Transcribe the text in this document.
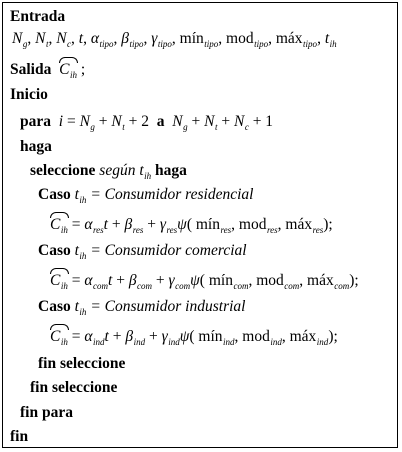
Entrada
$N_g$, $N_t$, $N_c$, t, $\alpha_{tipo}$, $\beta_{tipo}$, $\gamma_{tipo}$, mín$_{tipo}$, mod$_{tipo}$, máx$_{tipo}$, $t_{ih}$
Salida $C_{ih}$ ;
Inicio
para $i = N_g + N_t + 2$  a $N_g + N_t + N_c + 1$
haga
seleccione según $t_{ih}$ haga
Caso $t_{ih}$ = Consumidor residencial
$C_{ih} = \alpha_{res}t + \beta_{res} + \gamma_{res}\psi$( mín$_{res}$, mod$_{res}$, máx$_{res}$);
Caso $t_{ih}$ = Consumidor comercial
$C_{ih} = \alpha_{com}t + \beta_{com} + \gamma_{com}\psi$( mín$_{com}$, mod$_{com}$, máx$_{com}$);
Caso $t_{ih}$ = Consumidor industrial
$C_{ih} = \alpha_{ind}t + \beta_{ind} + \gamma_{ind}\psi$( mín$_{ind}$, mod$_{ind}$, máx$_{ind}$);
fin seleccione
fin seleccione
fin para
fin
